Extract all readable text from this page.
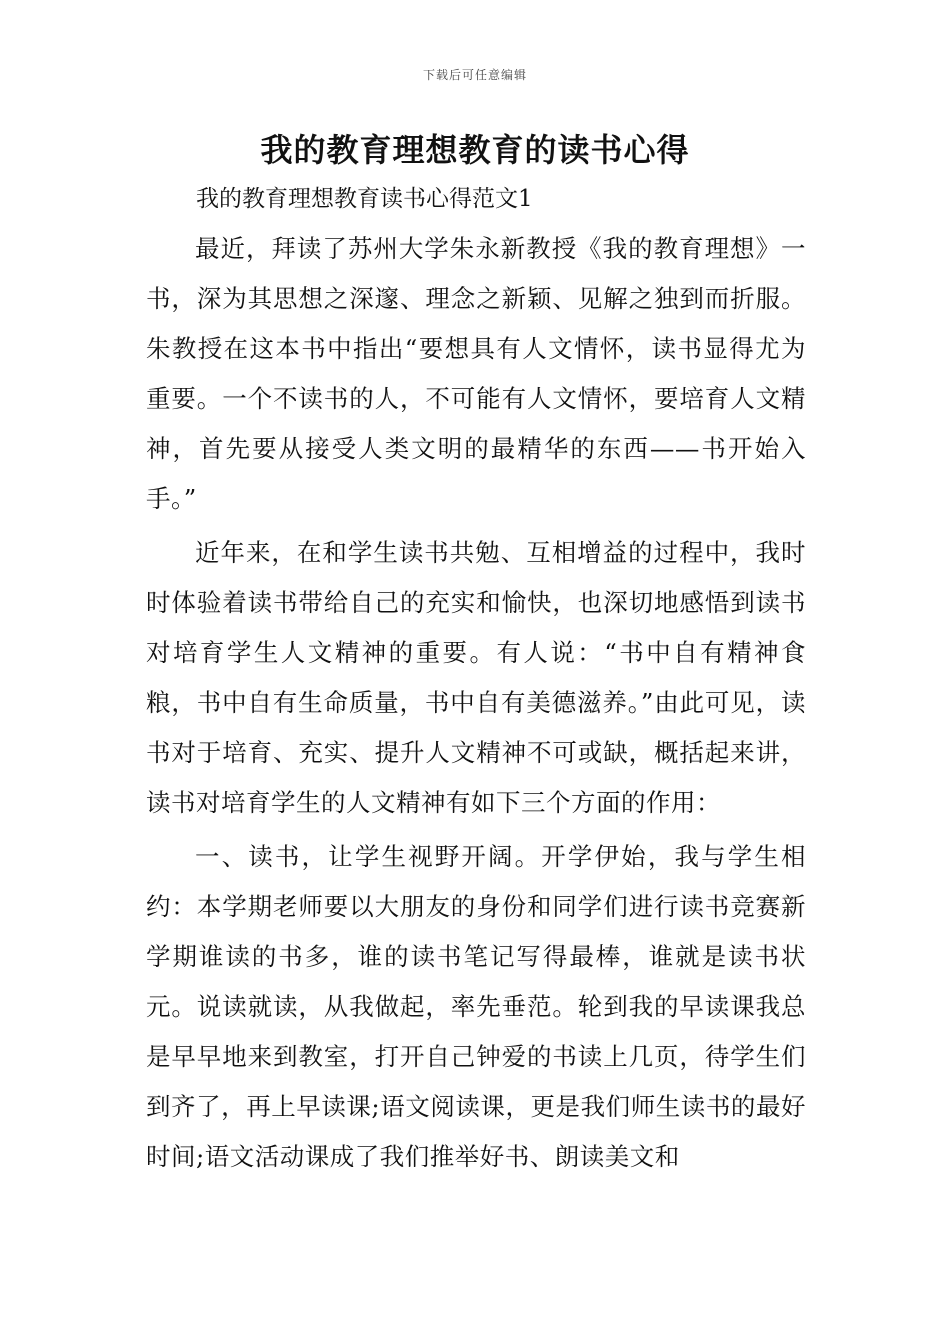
下载后可任意编辑
我的教育理想教育的读书心得
我的教育理想教育读书心得范文1

最近，拜读了苏州大学朱永新教授《我的教育理想》一书，深为其思想之深邃、理念之新颖、见解之独到而折服。朱教授在这本书中指出“要想具有人文情怀，读书显得尤为重要。一个不读书的人，不可能有人文情怀，要培育人文精神，首先要从接受人类文明的最精华的东西——书开始入手。”

近年来，在和学生读书共勉、互相增益的过程中，我时时体验着读书带给自己的充实和愉快，也深切地感悟到读书对培育学生人文精神的重要。有人说：“书中自有精神食粮，书中自有生命质量，书中自有美德滋养。”由此可见，读书对于培育、充实、提升人文精神不可或缺，概括起来讲，读书对培育学生的人文精神有如下三个方面的作用：

一、读书，让学生视野开阔。开学伊始，我与学生相约：本学期老师要以大朋友的身份和同学们进行读书竞赛新学期谁读的书多，谁的读书笔记写得最棒，谁就是读书状元。说读就读，从我做起，率先垂范。轮到我的早读课我总是早早地来到教室，打开自己钟爱的书读上几页，待学生们到齐了，再上早读课;语文阅读课，更是我们师生读书的最好时间;语文活动课成了我们推举好书、朗读美文和
